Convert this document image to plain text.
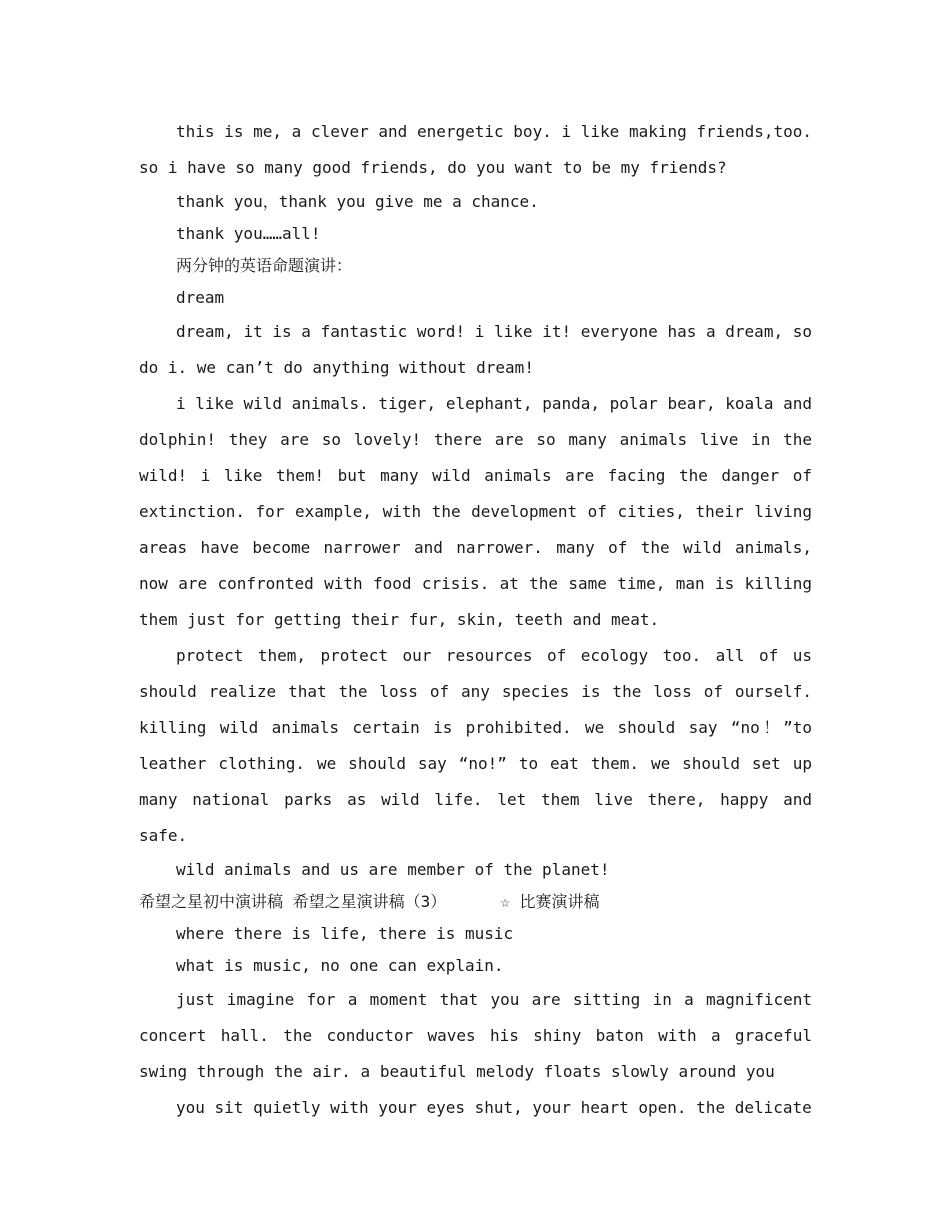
this is me, a clever and energetic boy. i like making friends,too. so i have so many good friends, do you want to be my friends?

thank you，thank you give me a chance.

thank you……all!

两分钟的英语命题演讲：

dream

dream, it is a fantastic word! i like it! everyone has a dream, so do i. we can’t do anything without dream!

i like wild animals. tiger, elephant, panda, polar bear, koala and dolphin! they are so lovely! there are so many animals live in the wild! i like them! but many wild animals are facing the danger of extinction. for example, with the development of cities, their living areas have become narrower and narrower. many of the wild animals, now are confronted with food crisis. at the same time, man is killing them just for getting their fur, skin, teeth and meat.

protect them, protect our resources of ecology too. all of us should realize that the loss of any species is the loss of ourself. killing wild animals certain is prohibited. we should say “no！”to leather clothing. we should say “no!” to eat them. we should set up many national parks as wild life. let them live there, happy and safe.

wild animals and us are member of the planet!

希望之星初中演讲稿 希望之星演讲稿（3）	☆ 比赛演讲稿

where there is life, there is music

what is music, no one can explain.

just imagine for a moment that you are sitting in a magnificent concert hall. the conductor waves his shiny baton with a graceful swing through the air. a beautiful melody floats slowly around you

you sit quietly with your eyes shut, your heart open. the delicate
